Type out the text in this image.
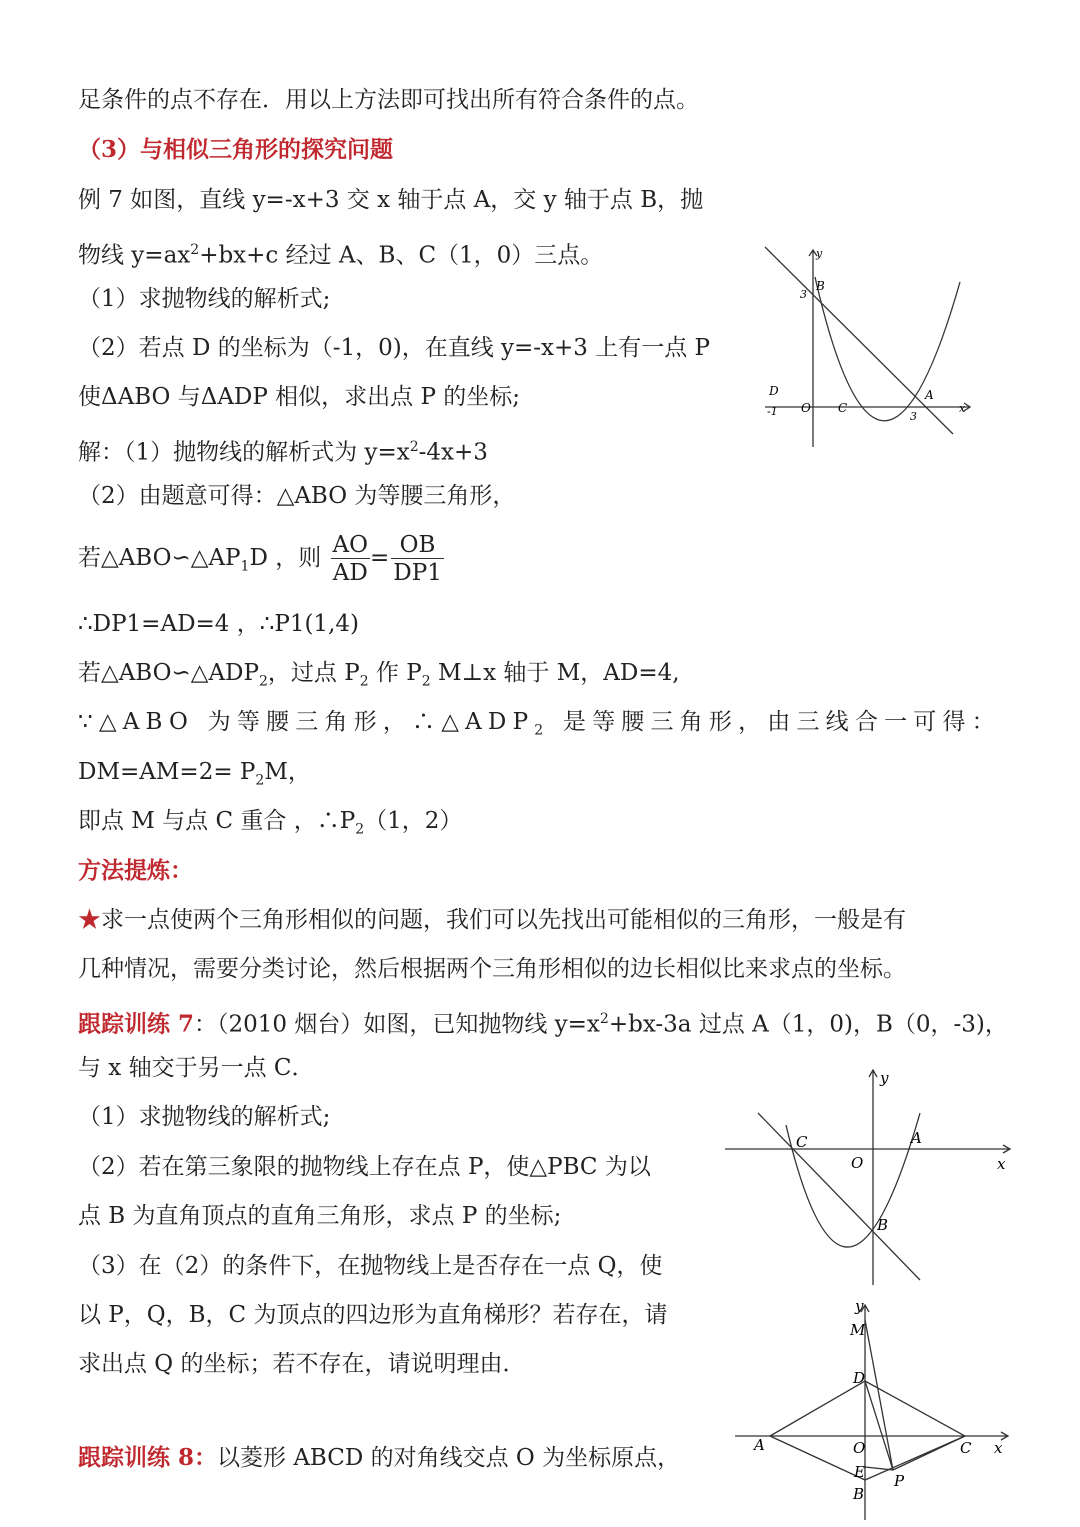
足条件的点不存在．用以上方法即可找出所有符合条件的点。
（3）与相似三角形的探究问题
例 7 如图，直线 y=-x+3 交 x 轴于点 A，交 y 轴于点 B，抛
物线 $y=ax^2+bx+c$ 经过 A、B、C（1，0）三点。
（1）求抛物线的解析式;
（2）若点 D 的坐标为（-1，0)，在直线 y=-x+3 上有一点 P
使ΔABO 与ΔADP 相似，求出点 P 的坐标;
解：（1）抛物线的解析式为 $y=x^2-4x+3$
（2）由题意可得：△ABO 为等腰三角形，
若$\triangle ABO∽\triangle AP_1D$ ，则 $\frac{AO}{AD} = \frac{OB}{DP1}$
∴DP1=AD=4 ，∴P1(1,4)
若$\triangle ABO∽\triangle ADP_2$，过点 $P_2$ 作 $P_2$ M⊥x 轴于 M，AD=4,
∵△ABO 为等腰三角形，$\therefore\triangle ADP_2$ 是等腰三角形，由三线合一可得：
$DM=AM=2= P_2M$，
即点 M 与点 C 重合 ，$\therefore P_2(1$，2）
方法提炼：
★求一点使两个三角形相似的问题，我们可以先找出可能相似的三角形，一般是有
几种情况，需要分类讨论，然后根据两个三角形相似的边长相似比来求点的坐标。
跟踪训练 7：（2010 烟台）如图，已知抛物线 $y=x^2+bx-3a$ 过点 A（1，0)，B（0，-3)，
与 x 轴交于另一点 C．
（1）求抛物线的解析式;
（2）若在第三象限的抛物线上存在点 P，使△PBC 为以
点 B 为直角顶点的直角三角形，求点 P 的坐标;
（3）在（2）的条件下，在抛物线上是否存在一点 Q，使
以 P，Q，B，C 为顶点的四边形为直角梯形？若存在，请
求出点 Q 的坐标；若不存在，请说明理由．
跟踪训练 8：以菱形 ABCD 的对角线交点 O 为坐标原点，
y
B
3
D
-1 O C
A
3
x
y
C
O
A
x
B
y
M
D
A	O	C x
E P
B
